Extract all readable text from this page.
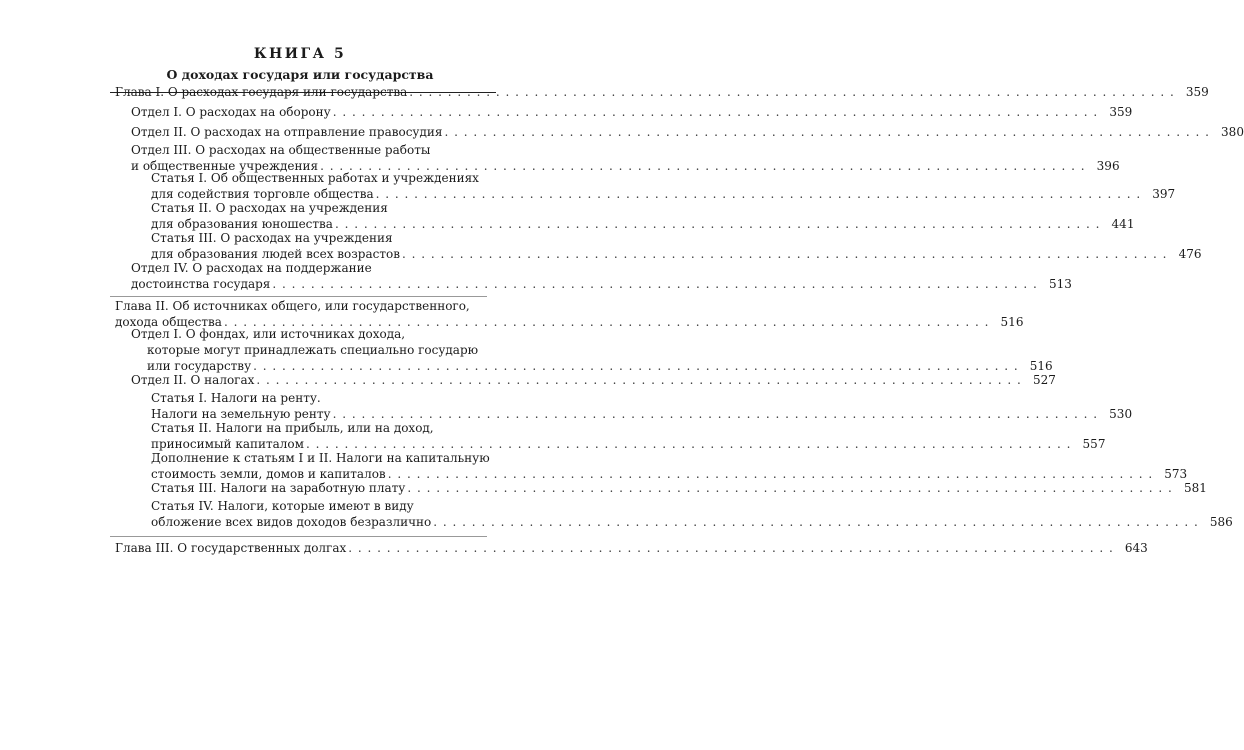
КНИГА 5
О доходах государя или государства
Глава I. О расходах государя или государства . . . . . . . . . . . . . . . . . . . . . . . . . . . . . . . . . . . . . . . . . . . . . . . . . . . . . . . . . . . . . . . . . . . . . . . . . . . . . . . . 359
Отдел I. О расходах на оборону . . . . . . . . . . . . . . . . . . . . . . . . . . . . . . . . . . . . . . . . . . . . . . . . . . . . . . . . . . . . . . . . . . . . . . . . . . . . . . . . 359
Отдел II. О расходах на отправление правосудия . . . . . . . . . . . . . . . . . . . . . . . . . . . . . . . . . . . . . . . . . . . . . . . . . . . . . . . . . . . . . . . . . . . . . . . . . . . . . . . . 380
Отдел III. О расходах на общественные работы
и общественные учреждения . . . . . . . . . . . . . . . . . . . . . . . . . . . . . . . . . . . . . . . . . . . . . . . . . . . . . . . . . . . . . . . . . . . . . . . . . . . . . . . . 396
Статья I. Об общественных работах и учреждениях
для содействия торговле общества . . . . . . . . . . . . . . . . . . . . . . . . . . . . . . . . . . . . . . . . . . . . . . . . . . . . . . . . . . . . . . . . . . . . . . . . . . . . . . . . 397
Статья II. О расходах на учреждения
для образования юношества . . . . . . . . . . . . . . . . . . . . . . . . . . . . . . . . . . . . . . . . . . . . . . . . . . . . . . . . . . . . . . . . . . . . . . . . . . . . . . . . 441
Статья III. О расходах на учреждения
для образования людей всех возрастов . . . . . . . . . . . . . . . . . . . . . . . . . . . . . . . . . . . . . . . . . . . . . . . . . . . . . . . . . . . . . . . . . . . . . . . . . . . . . . . . 476
Отдел IV. О расходах на поддержание
достоинства государя . . . . . . . . . . . . . . . . . . . . . . . . . . . . . . . . . . . . . . . . . . . . . . . . . . . . . . . . . . . . . . . . . . . . . . . . . . . . . . . . 513
Глава II. Об источниках общего, или государственного,
дохода общества . . . . . . . . . . . . . . . . . . . . . . . . . . . . . . . . . . . . . . . . . . . . . . . . . . . . . . . . . . . . . . . . . . . . . . . . . . . . . . . . 516
Отдел I. О фондах, или источниках дохода,
которые могут принадлежать специально государю
или государству . . . . . . . . . . . . . . . . . . . . . . . . . . . . . . . . . . . . . . . . . . . . . . . . . . . . . . . . . . . . . . . . . . . . . . . . . . . . . . . . 516
Отдел II. О налогах . . . . . . . . . . . . . . . . . . . . . . . . . . . . . . . . . . . . . . . . . . . . . . . . . . . . . . . . . . . . . . . . . . . . . . . . . . . . . . . . 527
Статья I. Налоги на ренту.
Налоги на земельную ренту . . . . . . . . . . . . . . . . . . . . . . . . . . . . . . . . . . . . . . . . . . . . . . . . . . . . . . . . . . . . . . . . . . . . . . . . . . . . . . . . 530
Статья II. Налоги на прибыль, или на доход,
приносимый капиталом . . . . . . . . . . . . . . . . . . . . . . . . . . . . . . . . . . . . . . . . . . . . . . . . . . . . . . . . . . . . . . . . . . . . . . . . . . . . . . . . 557
Дополнение к статьям I и II. Налоги на капитальную
стоимость земли, домов и капиталов . . . . . . . . . . . . . . . . . . . . . . . . . . . . . . . . . . . . . . . . . . . . . . . . . . . . . . . . . . . . . . . . . . . . . . . . . . . . . . . . 573
Статья III. Налоги на заработную плату . . . . . . . . . . . . . . . . . . . . . . . . . . . . . . . . . . . . . . . . . . . . . . . . . . . . . . . . . . . . . . . . . . . . . . . . . . . . . . . . 581
Статья IV. Налоги, которые имеют в виду
обложение всех видов доходов безразлично . . . . . . . . . . . . . . . . . . . . . . . . . . . . . . . . . . . . . . . . . . . . . . . . . . . . . . . . . . . . . . . . . . . . . . . . . . . . . . . . 586
Глава III. О государственных долгах . . . . . . . . . . . . . . . . . . . . . . . . . . . . . . . . . . . . . . . . . . . . . . . . . . . . . . . . . . . . . . . . . . . . . . . . . . . . . . . . 643
